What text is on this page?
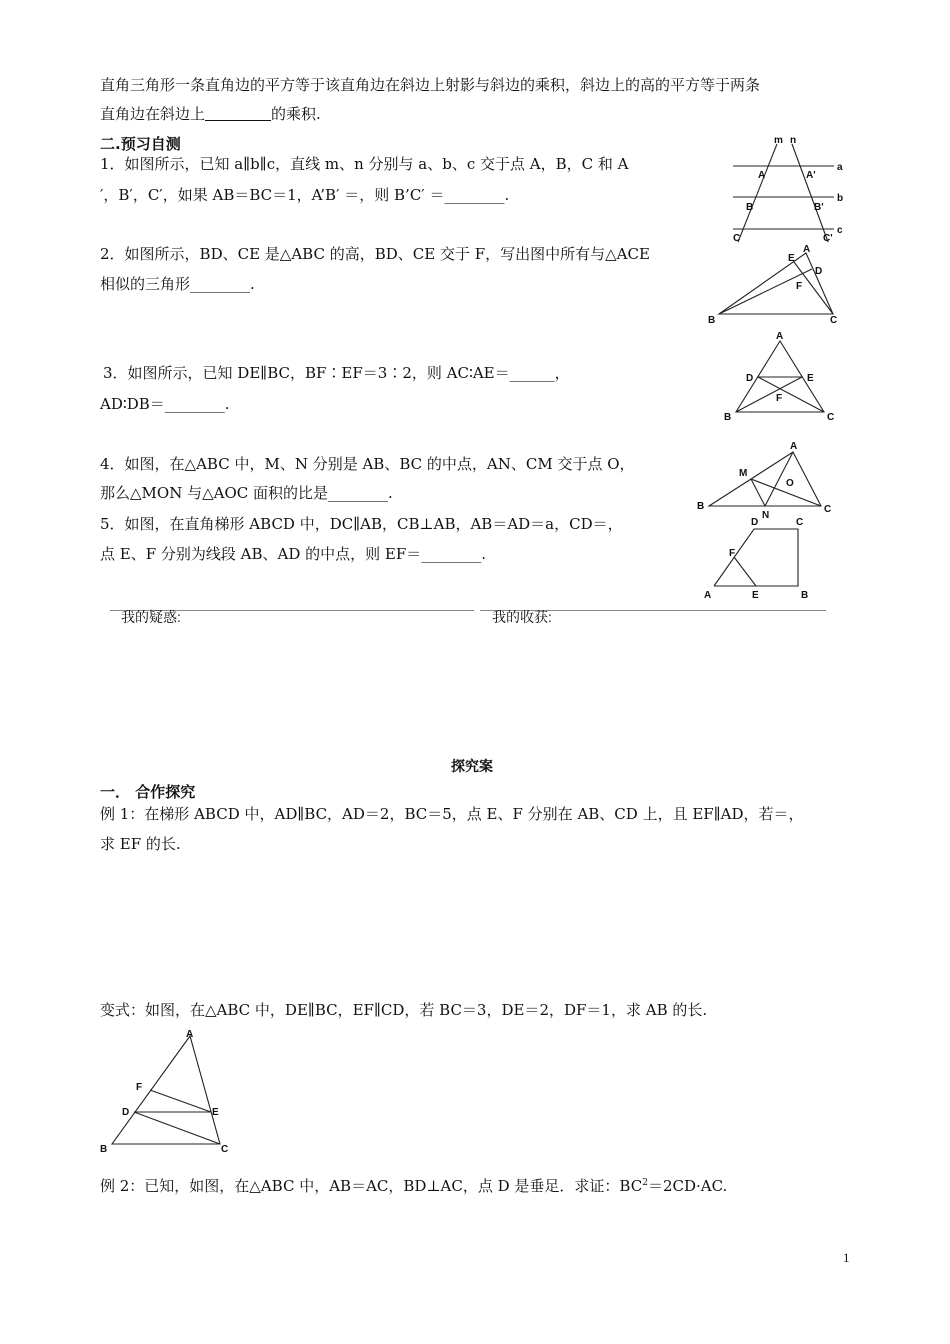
直角三角形一条直角边的平方等于该直角边在斜边上射影与斜边的乘积，斜边上的高的平方等于两条
直角边在斜边上	的乘积.
二.预习自测
1．如图所示，已知 a∥b∥c，直线 m、n 分别与 a、b、c 交于点 A，B，C 和 A
′，B′，C′，如果 AB＝BC＝1，A’B′ ＝，则 B’C′ ＝________.
2．如图所示，BD、CE 是△ABC 的高，BD、CE 交于 F，写出图中所有与△ACE
相似的三角形________.
3．如图所示，已知 DE∥BC，BF∶EF＝3∶2，则 AC∶AE＝______，
AD∶DB＝________.
4．如图，在△ABC 中，M、N 分别是 AB、BC 的中点，AN、CM 交于点 O，
那么△MON 与△AOC 面积的比是________.
5．如图，在直角梯形 ABCD 中，DC∥AB，CB⊥AB，AB＝AD＝a，CD＝，
点 E、F 分别为线段 AB、AD 的中点，则 EF＝________.
m n
a
b
c
A	A'
B	B'
C	C'
A
B	C
D
E
F
A
B	C
D	E
F
A
B	C
M
N
O
A	B
C
D
E
F
我的疑惑:	我的收获:
探究案
一． 合作探究
例 1：在梯形 ABCD 中，AD∥BC，AD＝2，BC＝5，点 E、F 分别在 AB、CD 上，且 EF∥AD，若＝，
求 EF 的长.
变式：如图，在△ABC 中，DE∥BC，EF∥CD，若 BC＝3，DE＝2，DF＝1，求 AB 的长.
A
B	C
D	E
F
例 2：已知，如图，在△ABC 中，AB＝AC，BD⊥AC，点 D 是垂足．求证：$BC^2=2CD\cdot AC$.
1
